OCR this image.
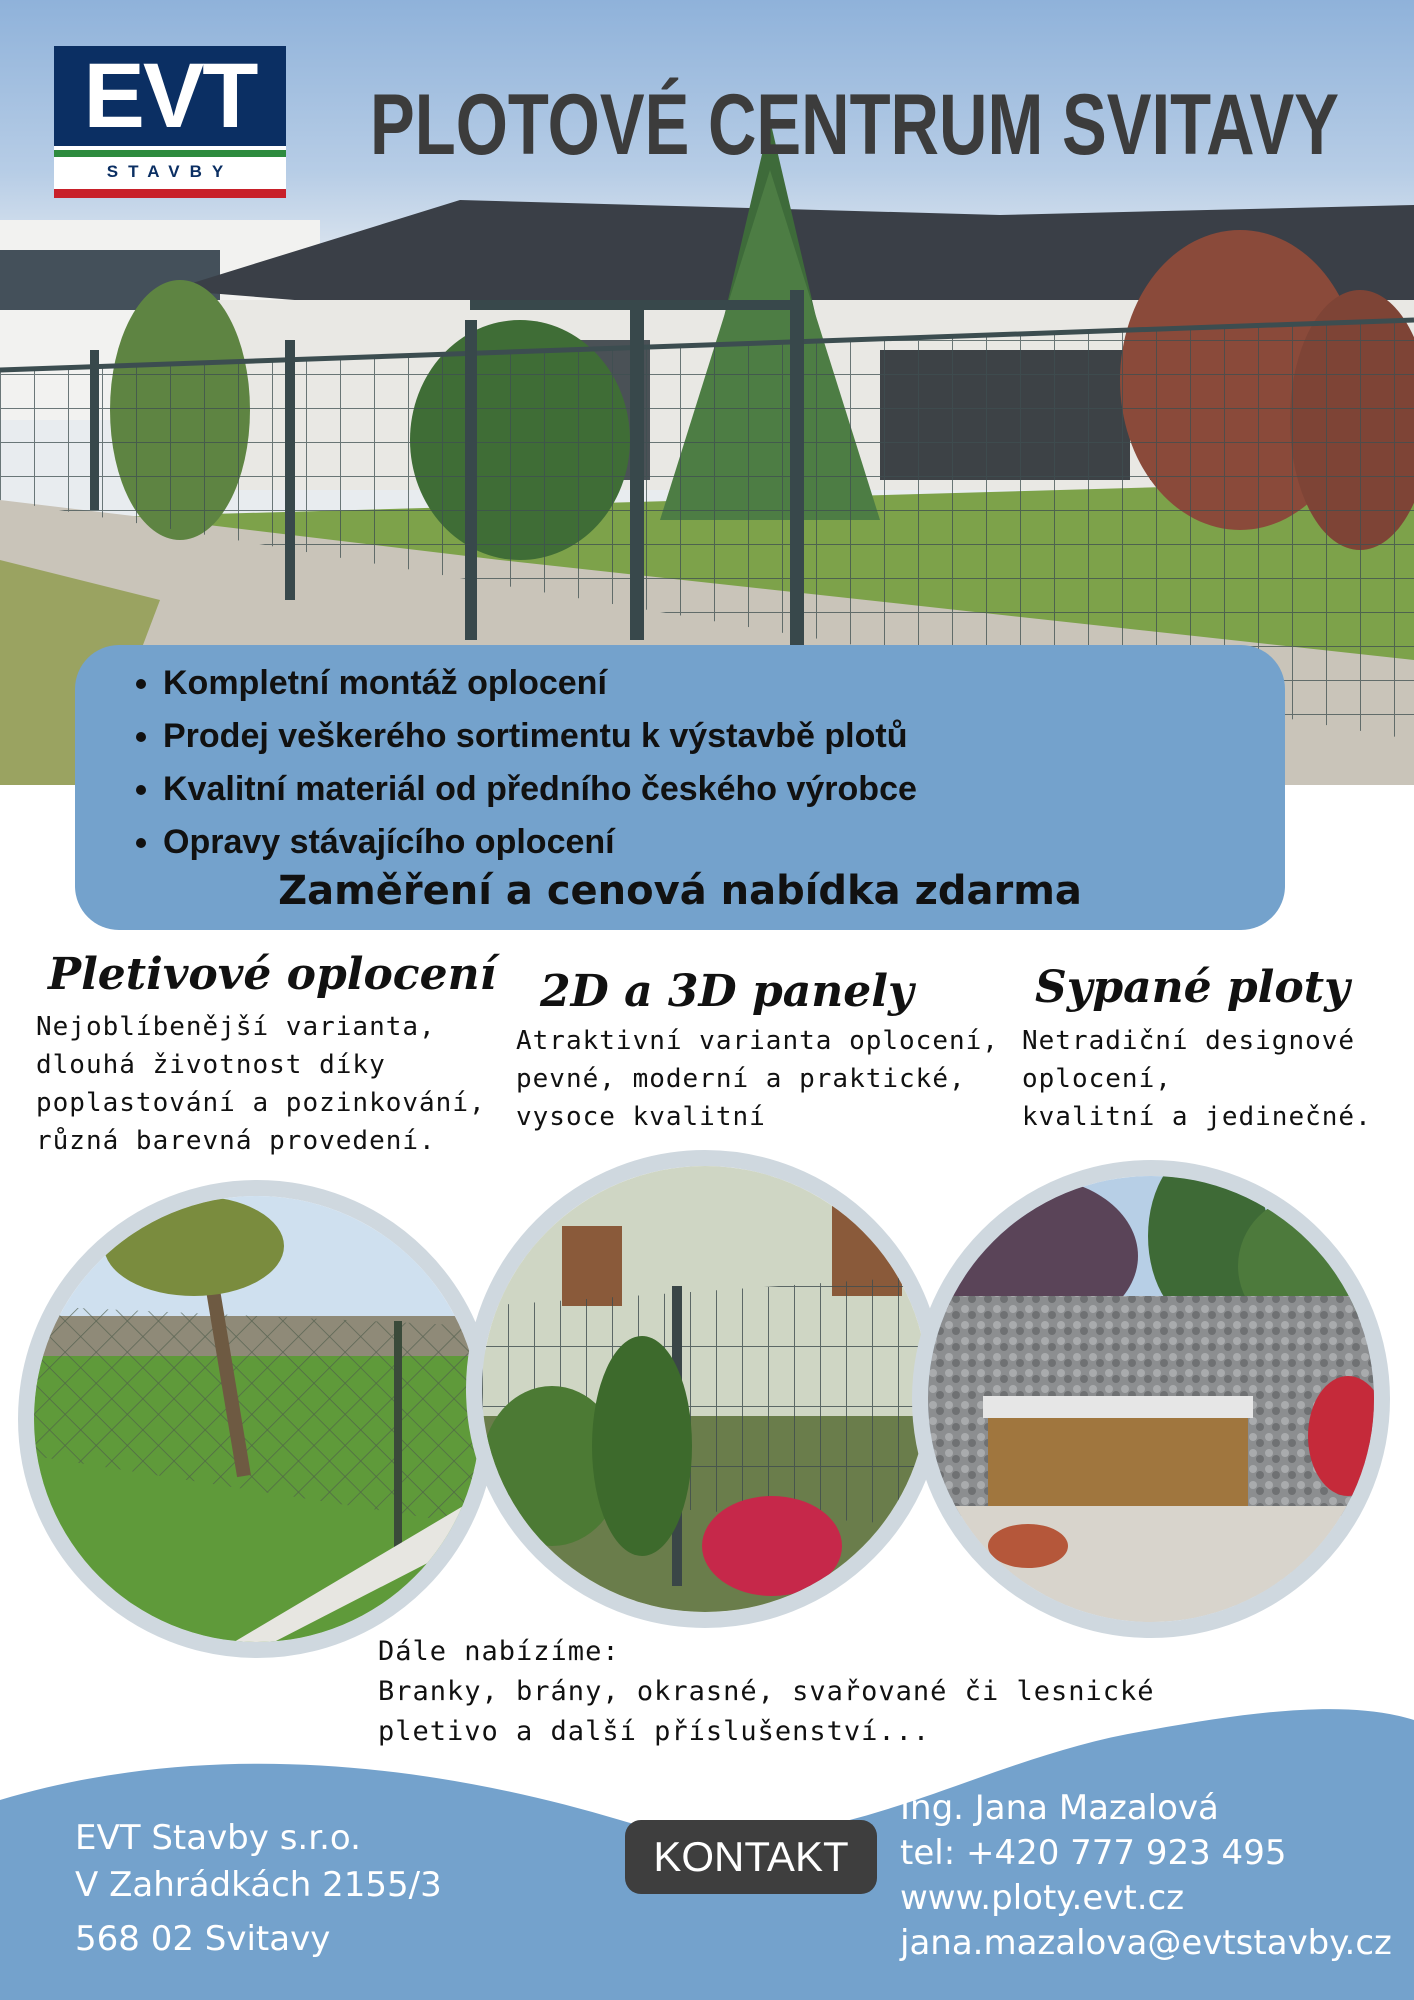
EVT
STAVBY	PLOTOVÉ CENTRUM SVITAVY
• Kompletní montáž oplocení
• Prodej veškerého sortimentu k výstavbě plotů
• Kvalitní materiál od předního českého výrobce
• Opravy stávajícího oplocení
Zaměření a cenová nabídka zdarma
Pletivové oplocení
Nejoblíbenější varianta,
dlouhá životnost díky
poplastování a pozinkování,
různá barevná provedení.
2D a 3D panely
Atraktivní varianta oplocení,
pevné, moderní a praktické,
vysoce kvalitní
Sypané ploty
Netradiční designové
oplocení,
kvalitní a jedinečné.
Dále nabízíme:
Branky, brány, okrasné, svařované či lesnické
pletivo a další příslušenství...
EVT Stavby s.r.o.
V Zahrádkách 2155/3
568 02 Svitavy
KONTAKT
Ing. Jana Mazalová
tel: +420 777 923 495
www.ploty.evt.cz
jana.mazalova@evtstavby.cz
